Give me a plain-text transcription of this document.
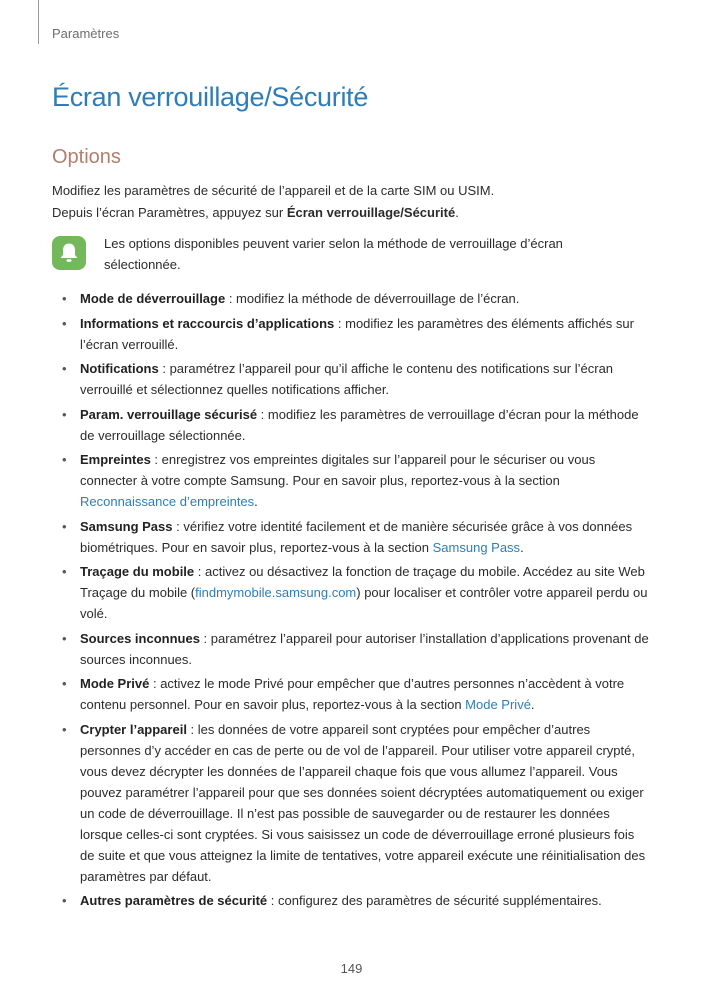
Paramètres
Écran verrouillage/Sécurité
Options

Modifiez les paramètres de sécurité de l’appareil et de la carte SIM ou USIM.

Depuis l’écran Paramètres, appuyez sur Écran verrouillage/Sécurité.

Les options disponibles peuvent varier selon la méthode de verrouillage d’écran sélectionnée.
• Mode de déverrouillage : modifiez la méthode de déverrouillage de l’écran.
• Informations et raccourcis d’applications : modifiez les paramètres des éléments affichés sur l’écran verrouillé.
• Notifications : paramétrez l’appareil pour qu’il affiche le contenu des notifications sur l’écran verrouillé et sélectionnez quelles notifications afficher.
• Param. verrouillage sécurisé : modifiez les paramètres de verrouillage d’écran pour la méthode de verrouillage sélectionnée.
• Empreintes : enregistrez vos empreintes digitales sur l’appareil pour le sécuriser ou vous connecter à votre compte Samsung. Pour en savoir plus, reportez-vous à la section Reconnaissance d’empreintes.
• Samsung Pass : vérifiez votre identité facilement et de manière sécurisée grâce à vos données biométriques. Pour en savoir plus, reportez-vous à la section Samsung Pass.
• Traçage du mobile : activez ou désactivez la fonction de traçage du mobile. Accédez au site Web Traçage du mobile (findmymobile.samsung.com) pour localiser et contrôler votre appareil perdu ou volé.
• Sources inconnues : paramétrez l’appareil pour autoriser l’installation d’applications provenant de sources inconnues.
• Mode Privé : activez le mode Privé pour empêcher que d’autres personnes n’accèdent à votre contenu personnel. Pour en savoir plus, reportez-vous à la section Mode Privé.
• Crypter l’appareil : les données de votre appareil sont cryptées pour empêcher d’autres personnes d’y accéder en cas de perte ou de vol de l’appareil. Pour utiliser votre appareil crypté, vous devez décrypter les données de l’appareil chaque fois que vous allumez l’appareil. Vous pouvez paramétrer l’appareil pour que ses données soient décryptées automatiquement ou exiger un code de déverrouillage. Il n’est pas possible de sauvegarder ou de restaurer les données lorsque celles-ci sont cryptées. Si vous saisissez un code de déverrouillage erroné plusieurs fois de suite et que vous atteignez la limite de tentatives, votre appareil exécute une réinitialisation des paramètres par défaut.
• Autres paramètres de sécurité : configurez des paramètres de sécurité supplémentaires.
149
